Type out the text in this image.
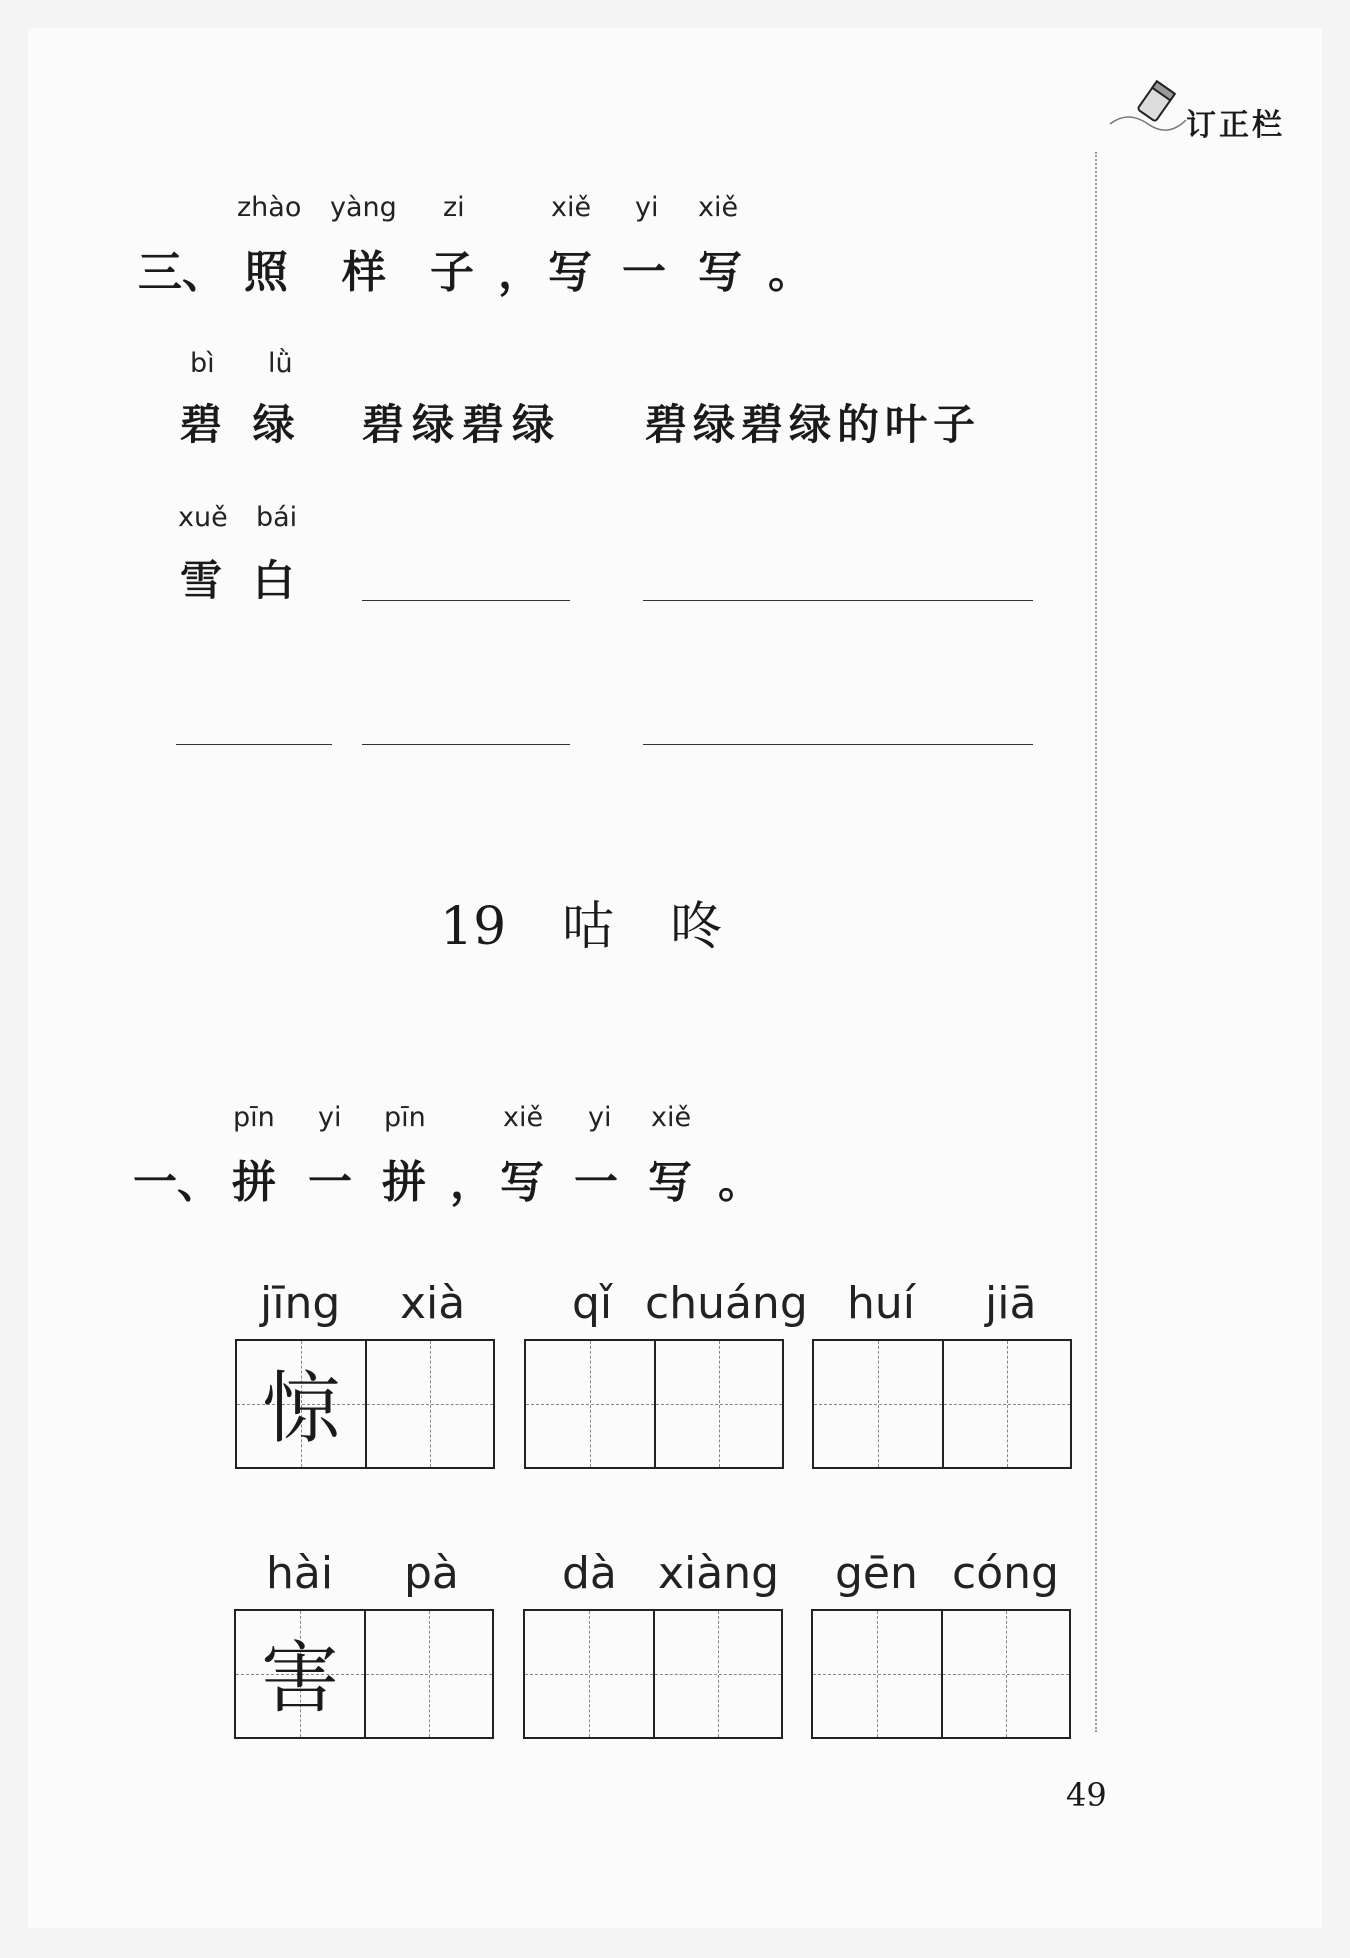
订正栏
zhào yàng zi	xiě yi xiě
三、 照 样 子 ， 写 一 写 。
bì lǜ
碧 绿 碧绿碧绿 碧绿碧绿的叶子
xuě bái
雪 白
19 咕 咚
pīn yi pīn	xiě yi xiě
一、 拼 一 拼 ， 写 一 写 。
jīng xià
惊
qǐ chuáng huí jiā
hài pà
害
dà xiàng gēn cóng
49
